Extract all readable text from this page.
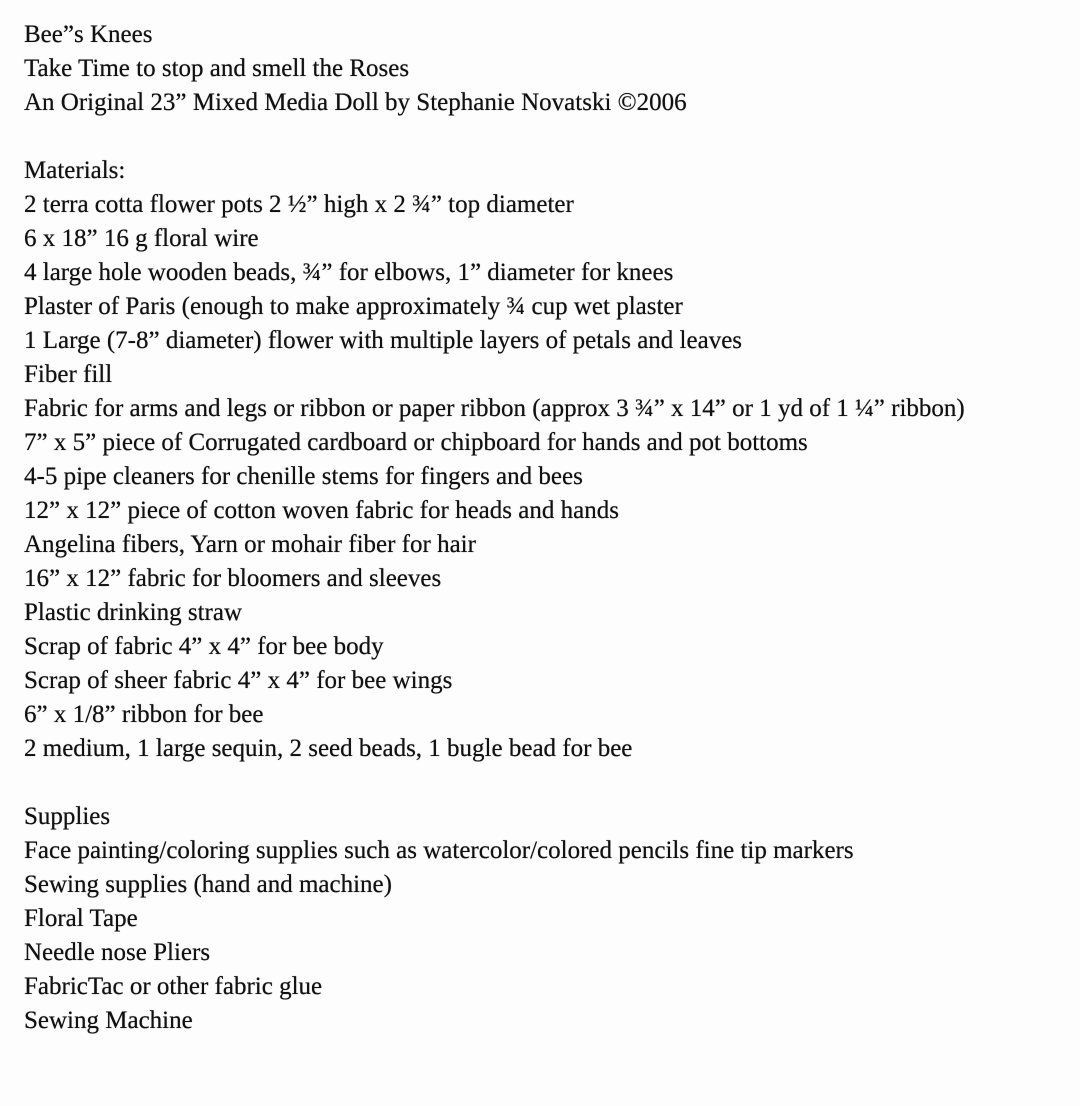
Bee”s Knees
Take Time to stop and smell the Roses
An Original 23” Mixed Media Doll by Stephanie Novatski ©2006
Materials:
2 terra cotta flower pots 2 ½” high x 2 ¾” top diameter
6 x 18” 16 g floral wire
4 large hole wooden beads, ¾” for elbows, 1” diameter for knees
Plaster of Paris (enough to make approximately ¾ cup wet plaster
1 Large (7-8” diameter) flower with multiple layers of petals and leaves
Fiber fill
Fabric for arms and legs or ribbon or paper ribbon (approx 3 ¾” x 14” or 1 yd of 1 ¼” ribbon)
7” x 5” piece of Corrugated cardboard or chipboard for hands and pot bottoms
4-5 pipe cleaners for chenille stems for fingers and bees
12” x 12” piece of cotton woven fabric for heads and hands
Angelina fibers, Yarn or mohair fiber for hair
16” x 12” fabric for bloomers and sleeves
Plastic drinking straw
Scrap of fabric 4” x 4” for bee body
Scrap of sheer fabric 4” x 4” for bee wings
6” x 1/8” ribbon for bee
2 medium, 1 large sequin, 2 seed beads, 1 bugle bead for bee
Supplies
Face painting/coloring supplies such as watercolor/colored pencils fine tip markers
Sewing supplies (hand and machine)
Floral Tape
Needle nose Pliers
FabricTac or other fabric glue
Sewing Machine
